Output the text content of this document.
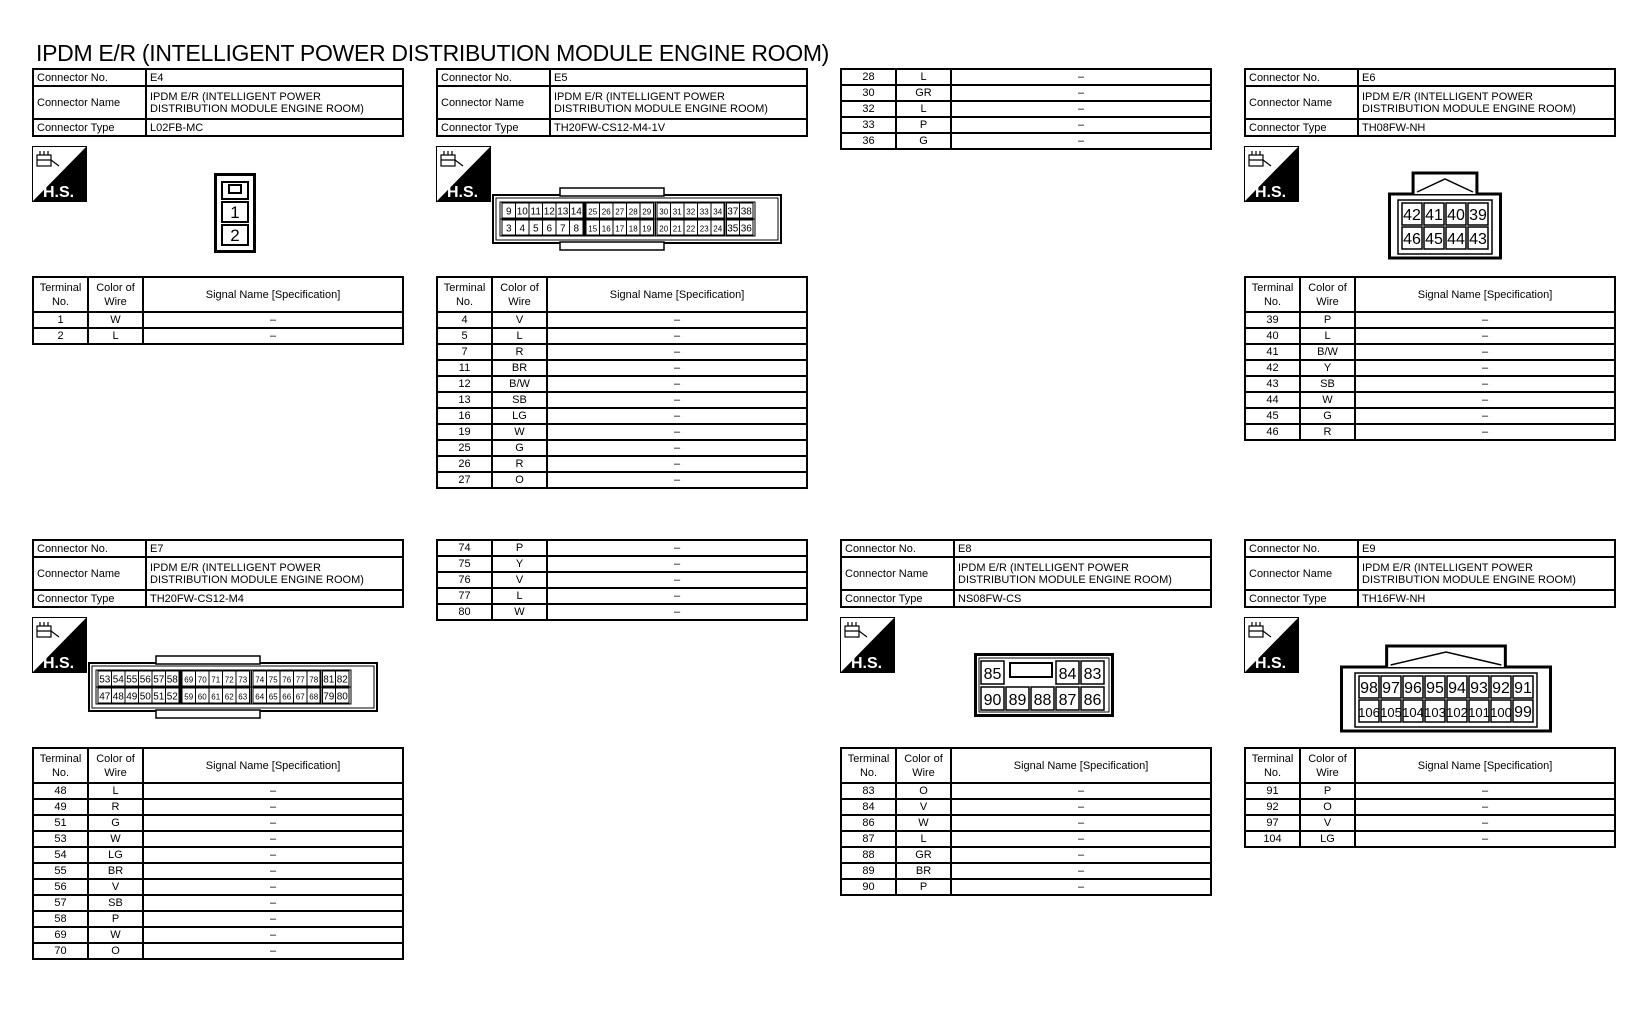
IPDM E/R (INTELLIGENT POWER DISTRIBUTION MODULE ENGINE ROOM)
Connector No.	E4
Connector Name	IPDM E/R (INTELLIGENT POWER DISTRIBUTION MODULE ENGINE ROOM)
Connector Type	L02FB-MC
H.S.
1
2
Terminal No.	Color of Wire	Signal Name [Specification]
1	W	–
2	L	–
Connector No.	E5
Connector Name	IPDM E/R (INTELLIGENT POWER DISTRIBUTION MODULE ENGINE ROOM)
Connector Type	TH20FW-CS12-M4-1V
H.S.
9 10 11 12 13 14 25 26 27 28 29 30 31 32 33 34 37 38
3 4 5 6 7 8 15 16 17 18 19 20 21 22 23 24 35 36
Terminal No.	Color of Wire	Signal Name [Specification]
4	V	–
5	L	–
7	R	–
11	BR	–
12	B/W	–
13	SB	–
16	LG	–
19	W	–
25	G	–
26	R	–
27	O	–
28	L	–
30	GR	–
32	L	–
33	P	–
36	G	–
Connector No.	E6
Connector Name	IPDM E/R (INTELLIGENT POWER DISTRIBUTION MODULE ENGINE ROOM)
Connector Type	TH08FW-NH
H.S.
42 41 40 39
46 45 44 43
Terminal No.	Color of Wire	Signal Name [Specification]
39	P	–
40	L	–
41	B/W	–
42	Y	–
43	SB	–
44	W	–
45	G	–
46	R	–
Connector No.	E7
Connector Name	IPDM E/R (INTELLIGENT POWER DISTRIBUTION MODULE ENGINE ROOM)
Connector Type	TH20FW-CS12-M4
H.S.
53 54 55 56 57 58 69 70 71 72 73 74 75 76 77 78 81 82
47 48 49 50 51 52 59 60 61 62 63 64 65 66 67 68 79 80
Terminal No.	Color of Wire	Signal Name [Specification]
48	L	–
49	R	–
51	G	–
53	W	–
54	LG	–
55	BR	–
56	V	–
57	SB	–
58	P	–
69	W	–
70	O	–
74	P	–
75	Y	–
76	V	–
77	L	–
80	W	–
Connector No.	E8
Connector Name	IPDM E/R (INTELLIGENT POWER DISTRIBUTION MODULE ENGINE ROOM)
Connector Type	NS08FW-CS
H.S.
85	84 83
90 89 88 87 86
Terminal No.	Color of Wire	Signal Name [Specification]
83	O	–
84	V	–
86	W	–
87	L	–
88	GR	–
89	BR	–
90	P	–
Connector No.	E9
Connector Name	IPDM E/R (INTELLIGENT POWER DISTRIBUTION MODULE ENGINE ROOM)
Connector Type	TH16FW-NH
H.S.
98 97 96 95 94 93 92 91
106 105 104 103 102 101 100 99
Terminal No.	Color of Wire	Signal Name [Specification]
91	P	–
92	O	–
97	V	–
104	LG	–
